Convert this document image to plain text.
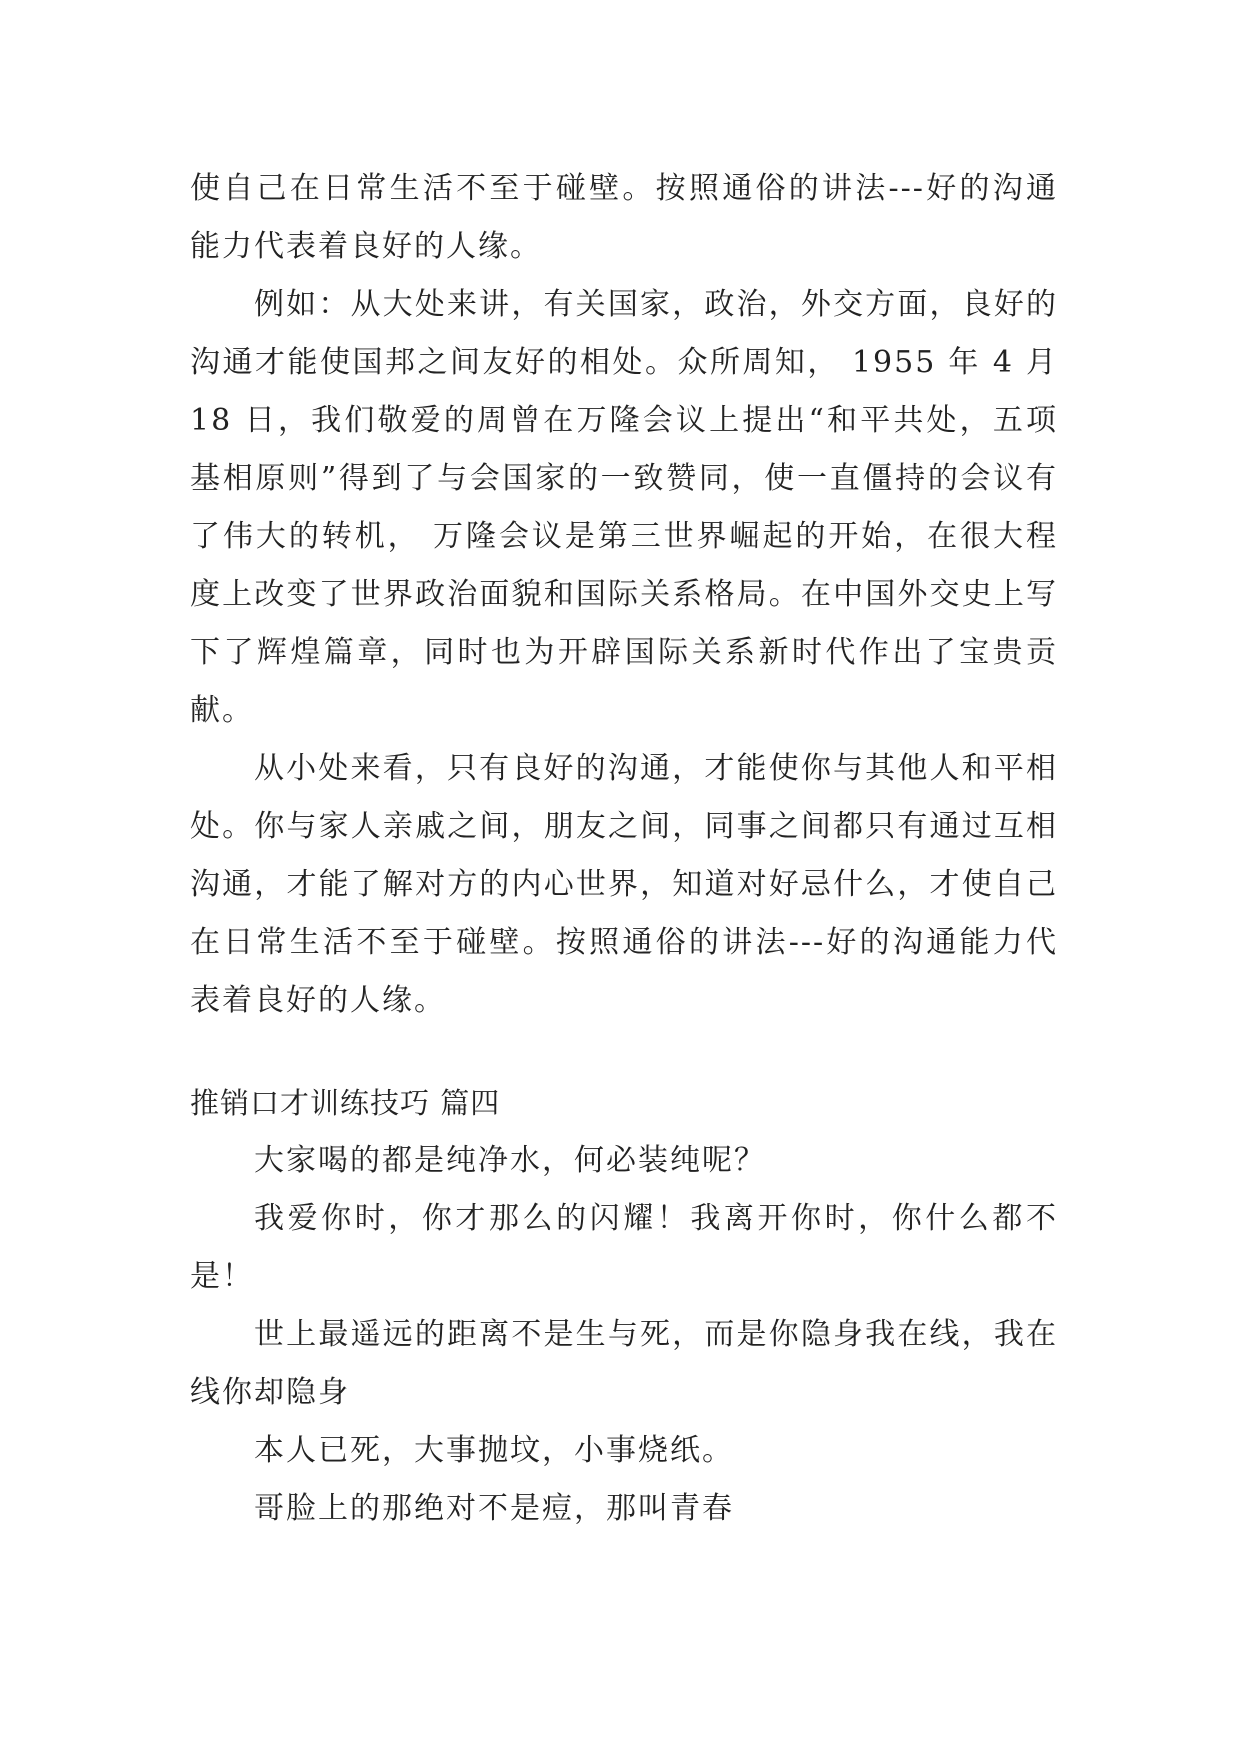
使自己在日常生活不至于碰壁。按照通俗的讲法---好的沟通能力代表着良好的人缘。

例如：从大处来讲，有关国家，政治，外交方面，良好的沟通才能使国邦之间友好的相处。众所周知， 1955 年 4 月 18 日，我们敬爱的周曾在万隆会议上提出“和平共处，五项基相原则”得到了与会国家的一致赞同，使一直僵持的会议有了伟大的转机， 万隆会议是第三世界崛起的开始，在很大程度上改变了世界政治面貌和国际关系格局。在中国外交史上写下了辉煌篇章，同时也为开辟国际关系新时代作出了宝贵贡献。

从小处来看，只有良好的沟通，才能使你与其他人和平相处。你与家人亲戚之间，朋友之间，同事之间都只有通过互相沟通，才能了解对方的内心世界，知道对好忌什么，才使自己在日常生活不至于碰壁。按照通俗的讲法---好的沟通能力代表着良好的人缘。

推销口才训练技巧 篇四

大家喝的都是纯净水，何必装纯呢？

我爱你时，你才那么的闪耀！我离开你时，你什么都不是！

世上最遥远的距离不是生与死，而是你隐身我在线，我在线你却隐身

本人已死，大事抛坟，小事烧纸。

哥脸上的那绝对不是痘，那叫青春
